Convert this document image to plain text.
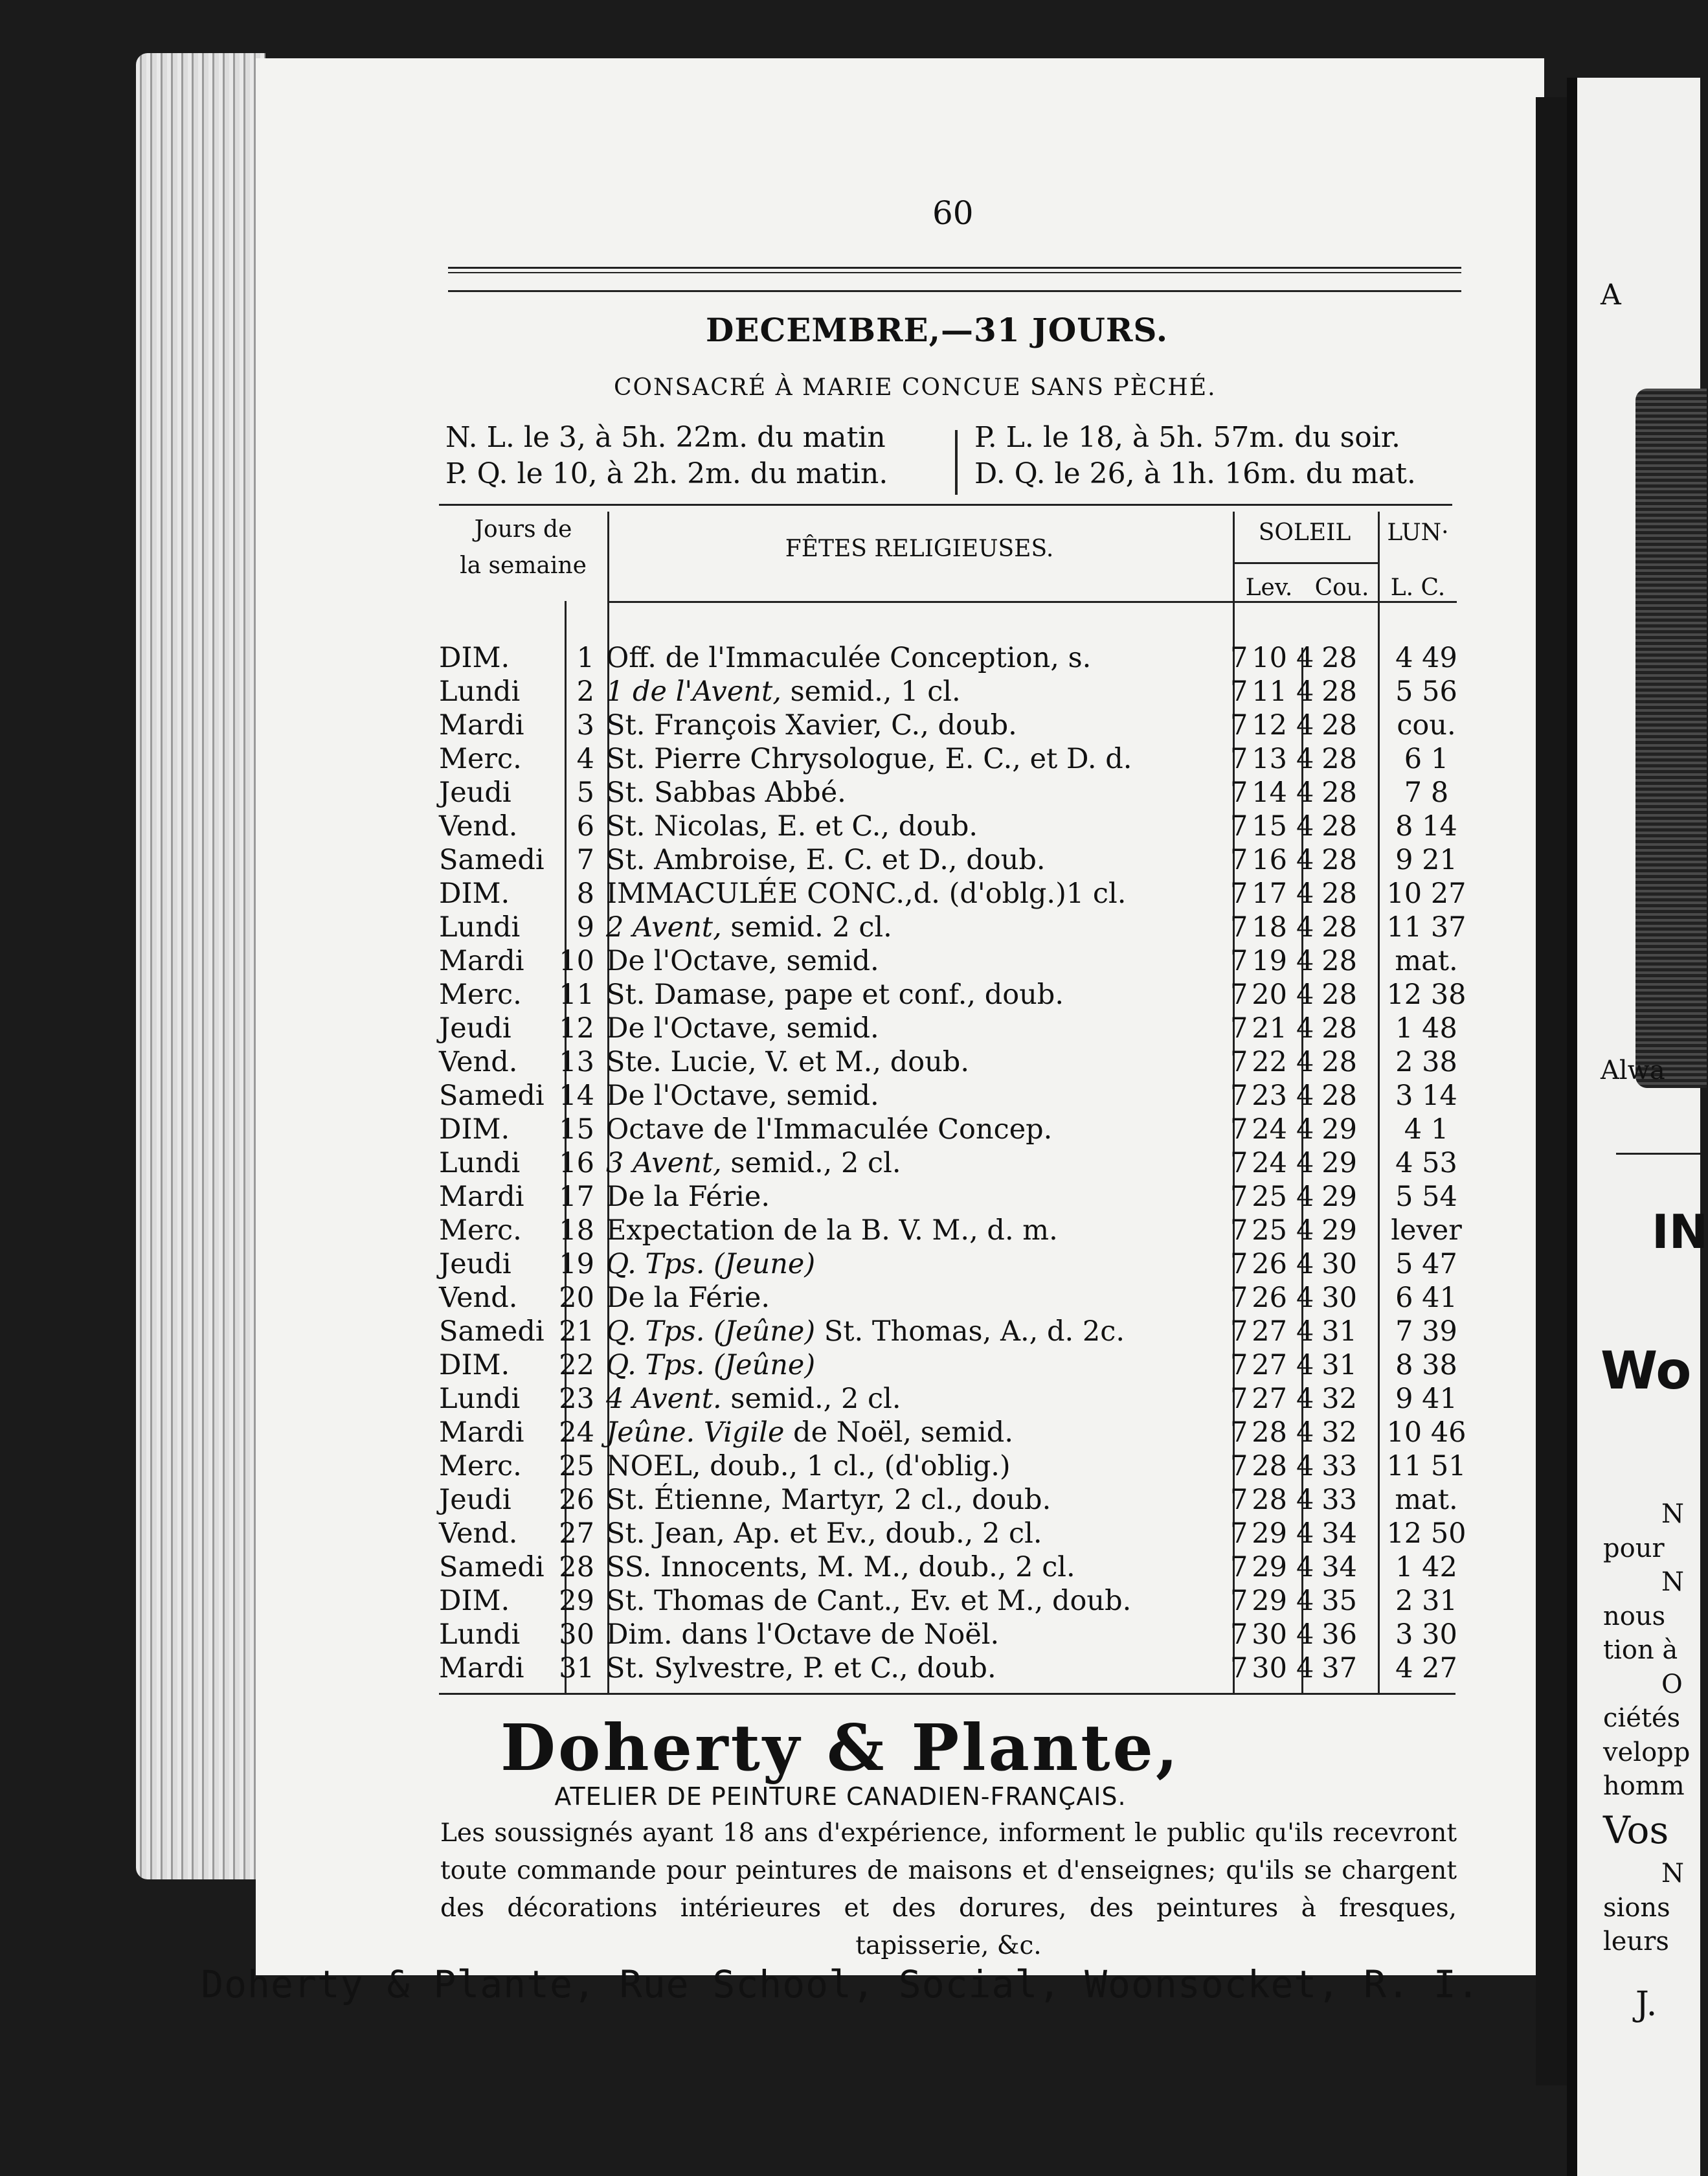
A
Alwa
IN
Wo
N
pour
N
nous
tion à
O
ciétés
velopp
homm
Vos
N
sions
leurs
J.
60
DECEMBRE,—31 JOURS.
CONSACRÉ À MARIE CONCUE SANS PÈCHÉ.
N. L. le 3, à 5h. 22m. du matin
P. Q. le 10, à 2h. 2m. du matin.
P. L. le 18, à 5h. 57m. du soir.
D. Q. le 26, à 1h. 16m. du mat.
Jours de
la semaine
FÊTES RELIGIEUSES.
SOLEIL
Lev. Cou.
LUN·
L. C.
DIM.	1 Off. de l'Immaculée Conception, s.	7 10 4 28	4 49
Lundi	2 1 de l'Avent, semid., 1 cl.	7 11 4 28	5 56
Mardi	3 St. François Xavier, C., doub.	7 12 4 28	cou.
Merc.	4 St. Pierre Chrysologue, E. C., et D. d.	7 13 4 28	6 1
Jeudi	5 St. Sabbas Abbé.	7 14 4 28	7 8
Vend.	6 St. Nicolas, E. et C., doub.	7 15 4 28	8 14
Samedi	7 St. Ambroise, E. C. et D., doub.	7 16 4 28	9 21
DIM.	8 IMMACULÉE CONC.,d. (d'oblg.)1 cl.	7 17 4 28	10 27
Lundi	9 2 Avent, semid. 2 cl.	7 18 4 28	11 37
Mardi	10 De l'Octave, semid.	7 19 4 28	mat.
Merc.	11 St. Damase, pape et conf., doub.	7 20 4 28	12 38
Jeudi	12 De l'Octave, semid.	7 21 4 28	1 48
Vend.	13 Ste. Lucie, V. et M., doub.	7 22 4 28	2 38
Samedi 14 De l'Octave, semid.	7 23 4 28	3 14
DIM.	15 Octave de l'Immaculée Concep.	7 24 4 29	4 1
Lundi	16 3 Avent, semid., 2 cl.	7 24 4 29	4 53
Mardi	17 De la Férie.	7 25 4 29	5 54
Merc.	18 Expectation de la B. V. M., d. m.	7 25 4 29	lever
Jeudi	19 Q. Tps. (Jeune)	7 26 4 30	5 47
Vend.	20 De la Férie.	7 26 4 30	6 41
Samedi 21 Q. Tps. (Jeûne) St. Thomas, A., d. 2c.	7 27 4 31	7 39
DIM.	22 Q. Tps. (Jeûne)	7 27 4 31	8 38
Lundi	23 4 Avent. semid., 2 cl.	7 27 4 32	9 41
Mardi	24 Jeûne. Vigile de Noël, semid.	7 28 4 32	10 46
Merc.	25 NOEL, doub., 1 cl., (d'oblig.)	7 28 4 33	11 51
Jeudi	26 St. Étienne, Martyr, 2 cl., doub.	7 28 4 33	mat.
Vend.	27 St. Jean, Ap. et Ev., doub., 2 cl.	7 29 4 34	12 50
Samedi 28 SS. Innocents, M. M., doub., 2 cl.	7 29 4 34	1 42
DIM.	29 St. Thomas de Cant., Ev. et M., doub.	7 29 4 35	2 31
Lundi	30 Dim. dans l'Octave de Noël.	7 30 4 36	3 30
Mardi	31 St. Sylvestre, P. et C., doub.	7 30 4 37	4 27
Doherty & Plante,
ATELIER DE PEINTURE CANADIEN-FRANÇAIS.
Les soussignés ayant 18 ans d'expérience, informent le public qu'ils recevront toute commande pour peintures de maisons et d'enseignes; qu'ils se chargent des décorations intérieures et des dorures, des peintures à fresques, tapisserie, &c.
Doherty & Plante, Rue School, Social, Woonsocket, R. I.
